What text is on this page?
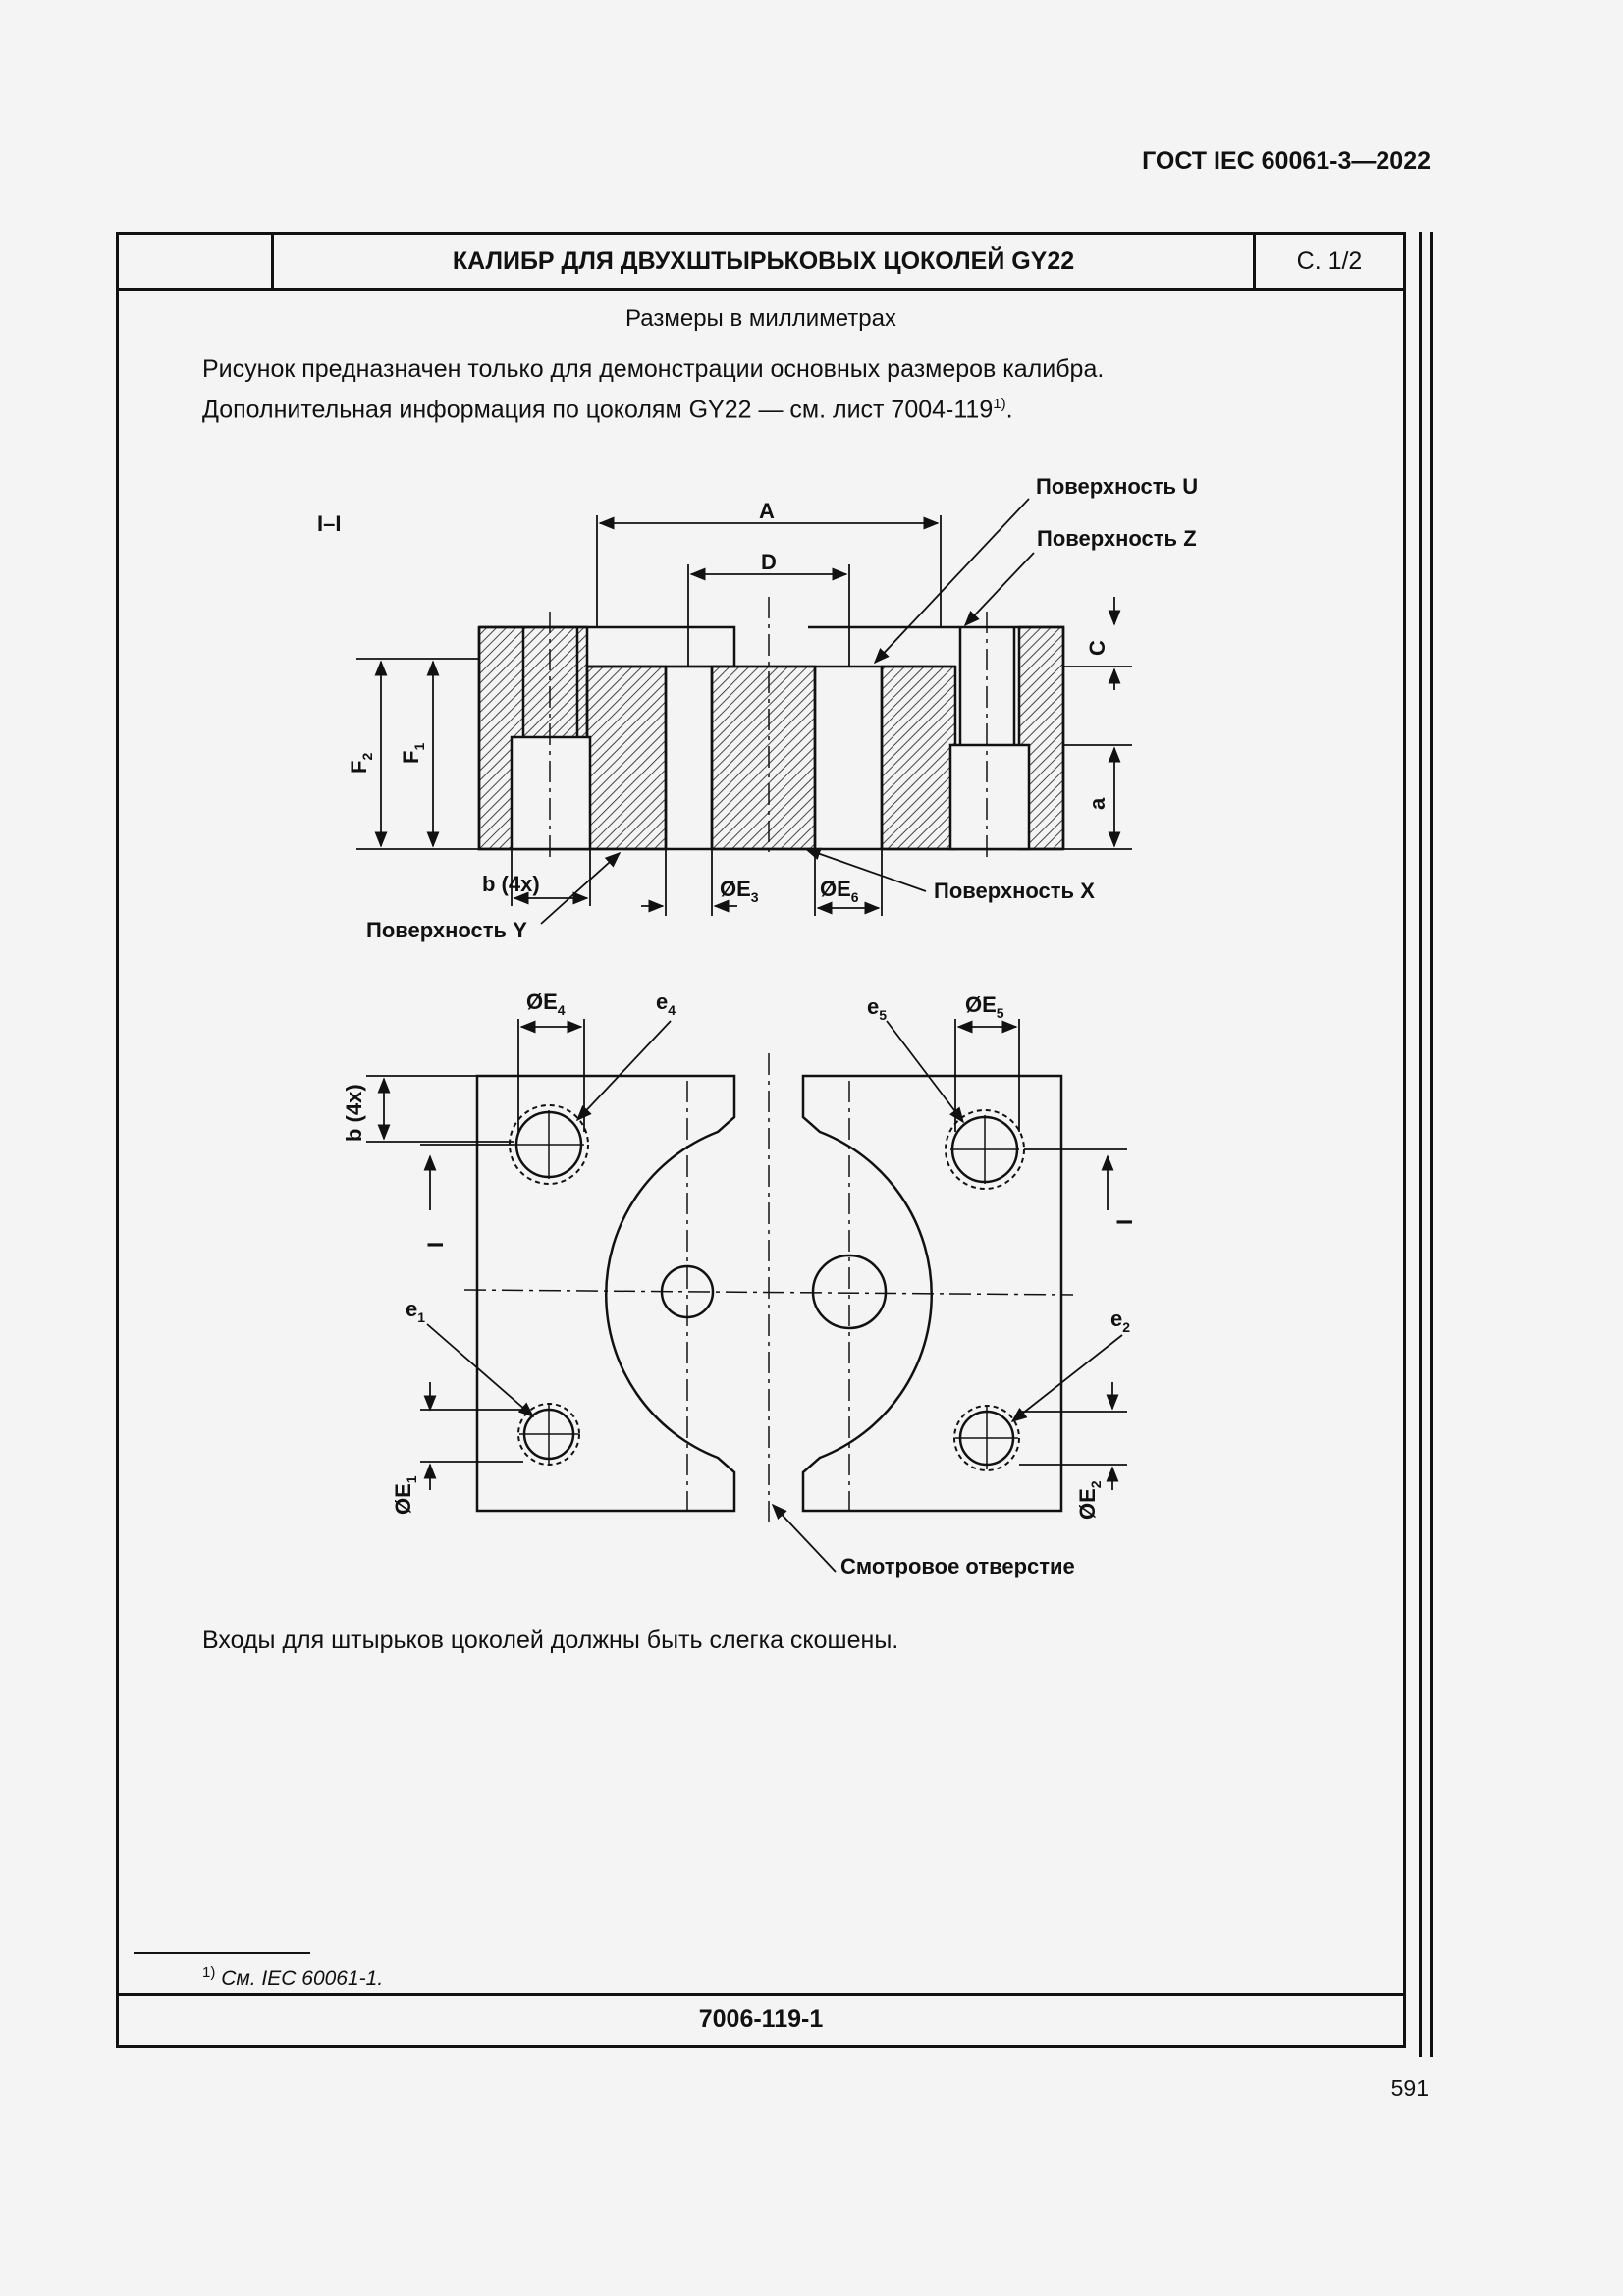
ГОСТ IEC 60061-3—2022
КАЛИБР ДЛЯ ДВУХШТЫРЬКОВЫХ ЦОКОЛЕЙ GY22	С. 1/2
Размеры в миллиметрах
Рисунок предназначен только для демонстрации основных размеров калибра.
Дополнительная информация по цоколям GY22 — см. лист 7004-119$^{1)}$.
I–I
A
D
Поверхность U
Поверхность Z
Поверхность X
Поверхность Y
b (4x)	$ØE_3$	$ØE_6$
$F_2$ $F_1$
C
a
$ØE_4$	$e_4$	$e_5$	$ØE_5$
$e_1$	$e_2$
Смотровое отверстие
b (4x)
I
I
$ØE_1$
$ØE_2$
Входы для штырьков цоколей должны быть слегка скошены.
$^{1)}$ См. IEC 60061-1.
7006-119-1
591
